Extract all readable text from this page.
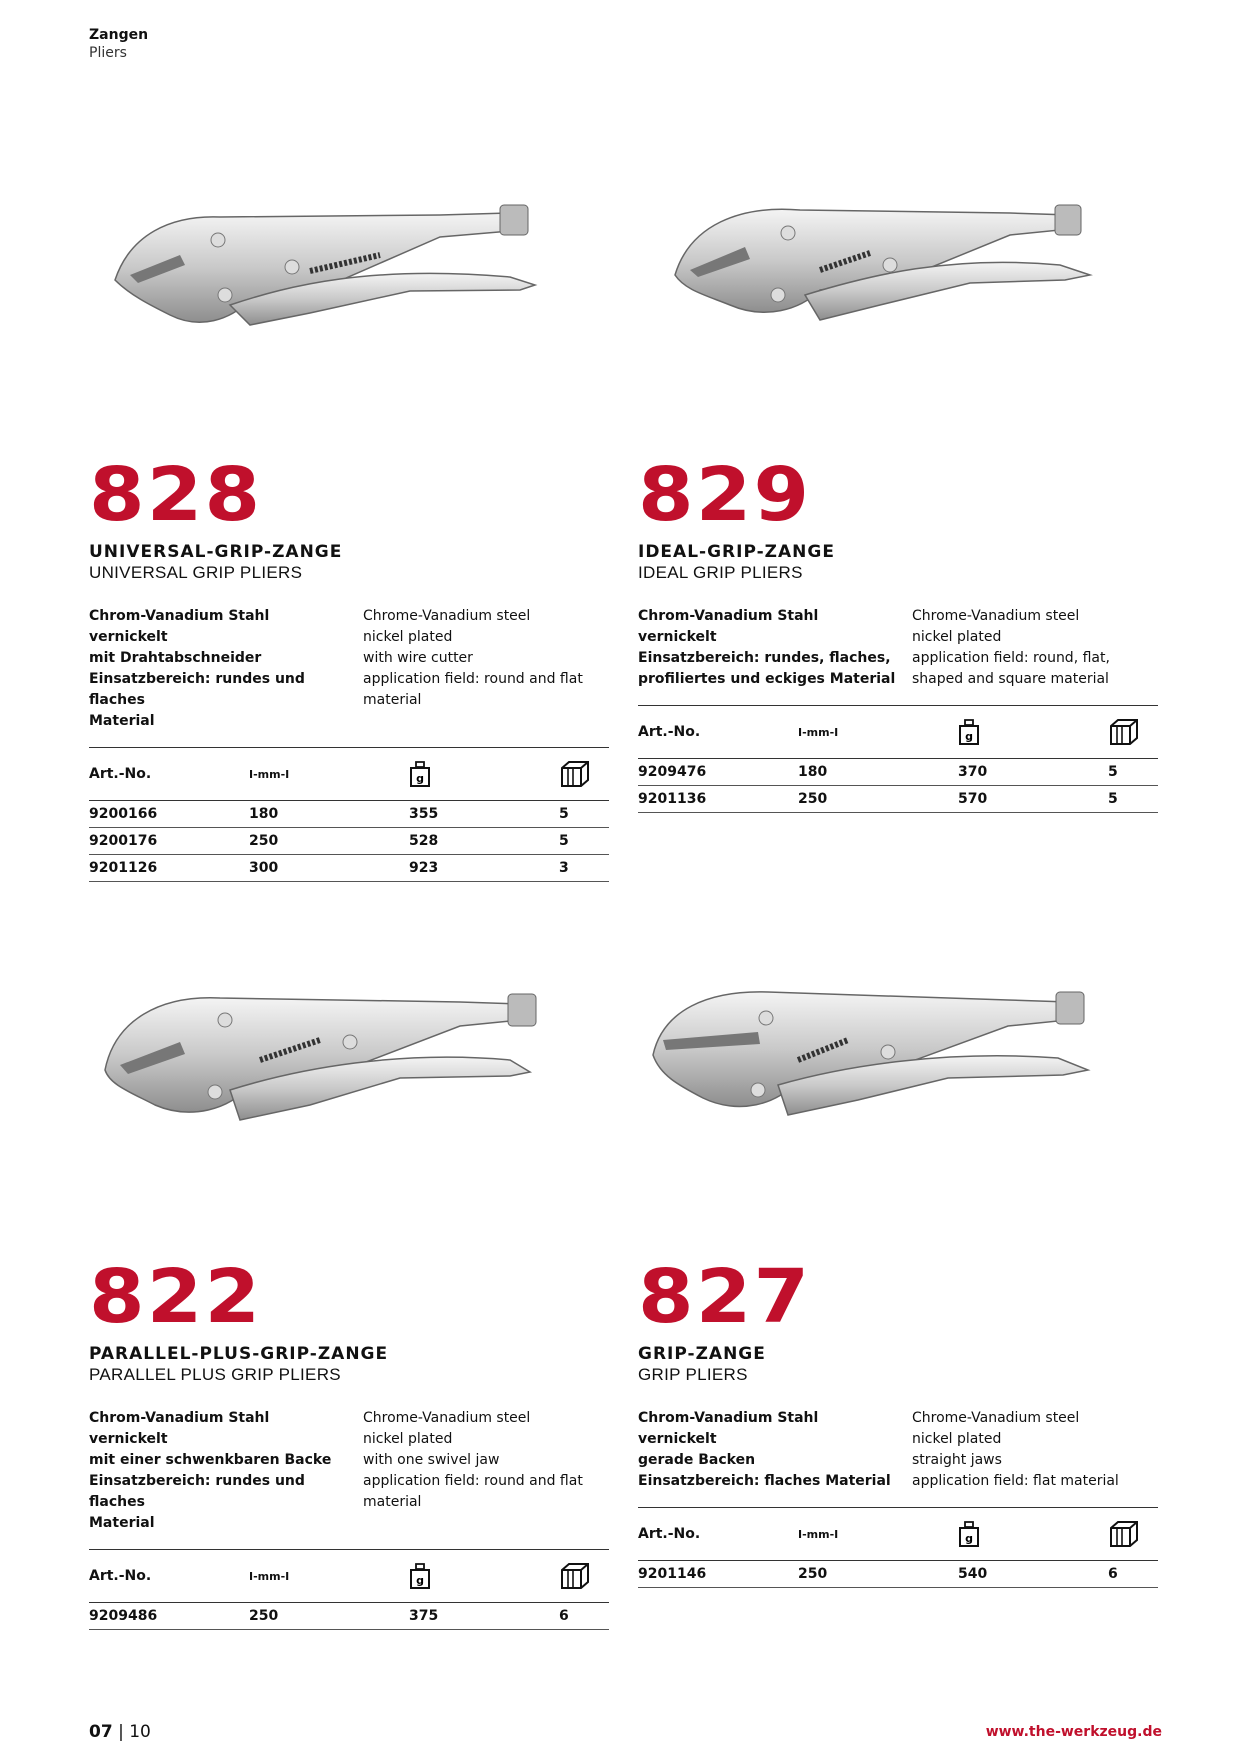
Zangen
Pliers
828
UNIVERSAL-GRIP-ZANGE
UNIVERSAL GRIP PLIERS
Chrom-Vanadium Stahl
vernickelt
mit Drahtabschneider
Einsatzbereich: rundes und flaches
Material
Chrome-Vanadium steel
nickel plated
with wire cutter
application field: round and flat
material
Art.-No.	I-mm-I	g

9200166	180	355	5
9200176	250	528	5
9201126	300	923	3
829
IDEAL-GRIP-ZANGE
IDEAL GRIP PLIERS
Chrom-Vanadium Stahl
vernickelt
Einsatzbereich: rundes, flaches,
profiliertes und eckiges Material
Chrome-Vanadium steel
nickel plated
application field: round, flat,
shaped and square material
Art.-No.	I-mm-I	g

9209476	180	370	5
9201136	250	570	5
822
PARALLEL-PLUS-GRIP-ZANGE
PARALLEL PLUS GRIP PLIERS
Chrom-Vanadium Stahl
vernickelt
mit einer schwenkbaren Backe
Einsatzbereich: rundes und flaches
Material
Chrome-Vanadium steel
nickel plated
with one swivel jaw
application field: round and flat
material
Art.-No.	I-mm-I	g

9209486	250	375	6
827
GRIP-ZANGE
GRIP PLIERS
Chrom-Vanadium Stahl
vernickelt
gerade Backen
Einsatzbereich: flaches Material
Chrome-Vanadium steel
nickel plated
straight jaws
application field: flat material
Art.-No.	I-mm-I	g

9201146	250	540	6
07 | 10	www.the-werkzeug.de
